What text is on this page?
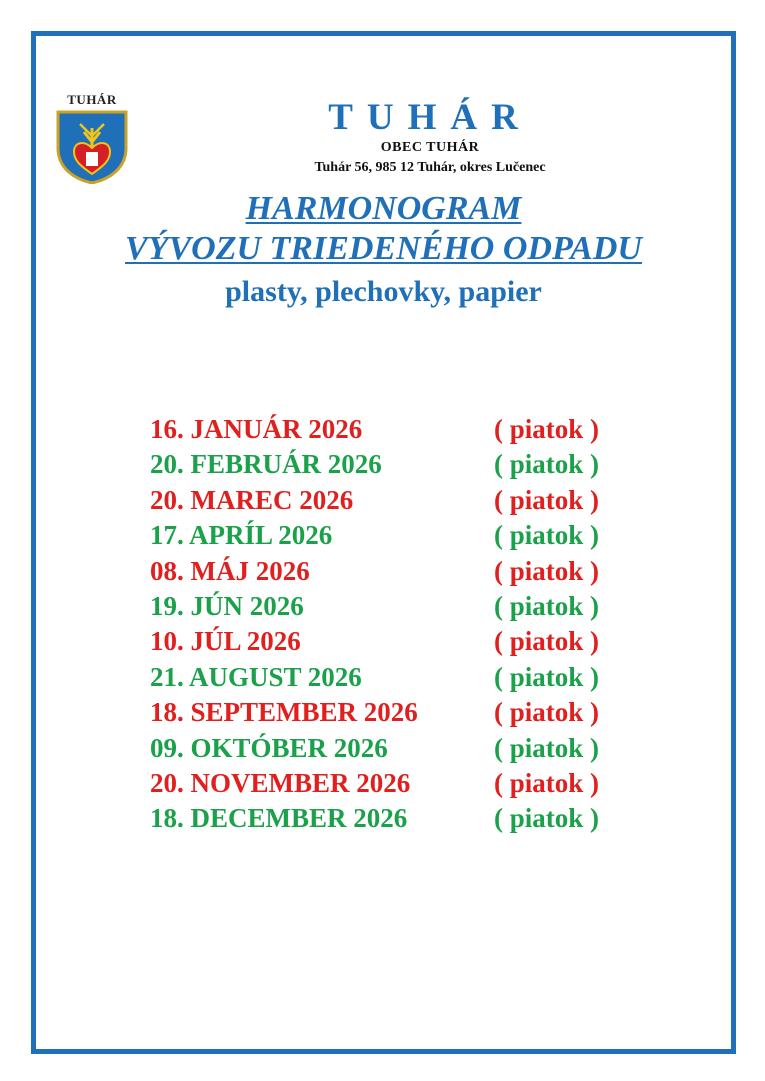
TUHÁR	TUHÁR
OBEC TUHÁR
Tuhár 56, 985 12 Tuhár, okres Lučenec
HARMONOGRAM
VÝVOZU TRIEDENÉHO ODPADU
plasty, plechovky, papier
16. JANUÁR 2026	( piatok )
20. FEBRUÁR 2026	( piatok )
20. MAREC 2026	( piatok )
17. APRÍL 2026	( piatok )
08. MÁJ 2026	( piatok )
19. JÚN 2026	( piatok )
10. JÚL 2026	( piatok )
21. AUGUST 2026	( piatok )
18. SEPTEMBER 2026	( piatok )
09. OKTÓBER 2026	( piatok )
20. NOVEMBER 2026	( piatok )
18. DECEMBER 2026	( piatok )
